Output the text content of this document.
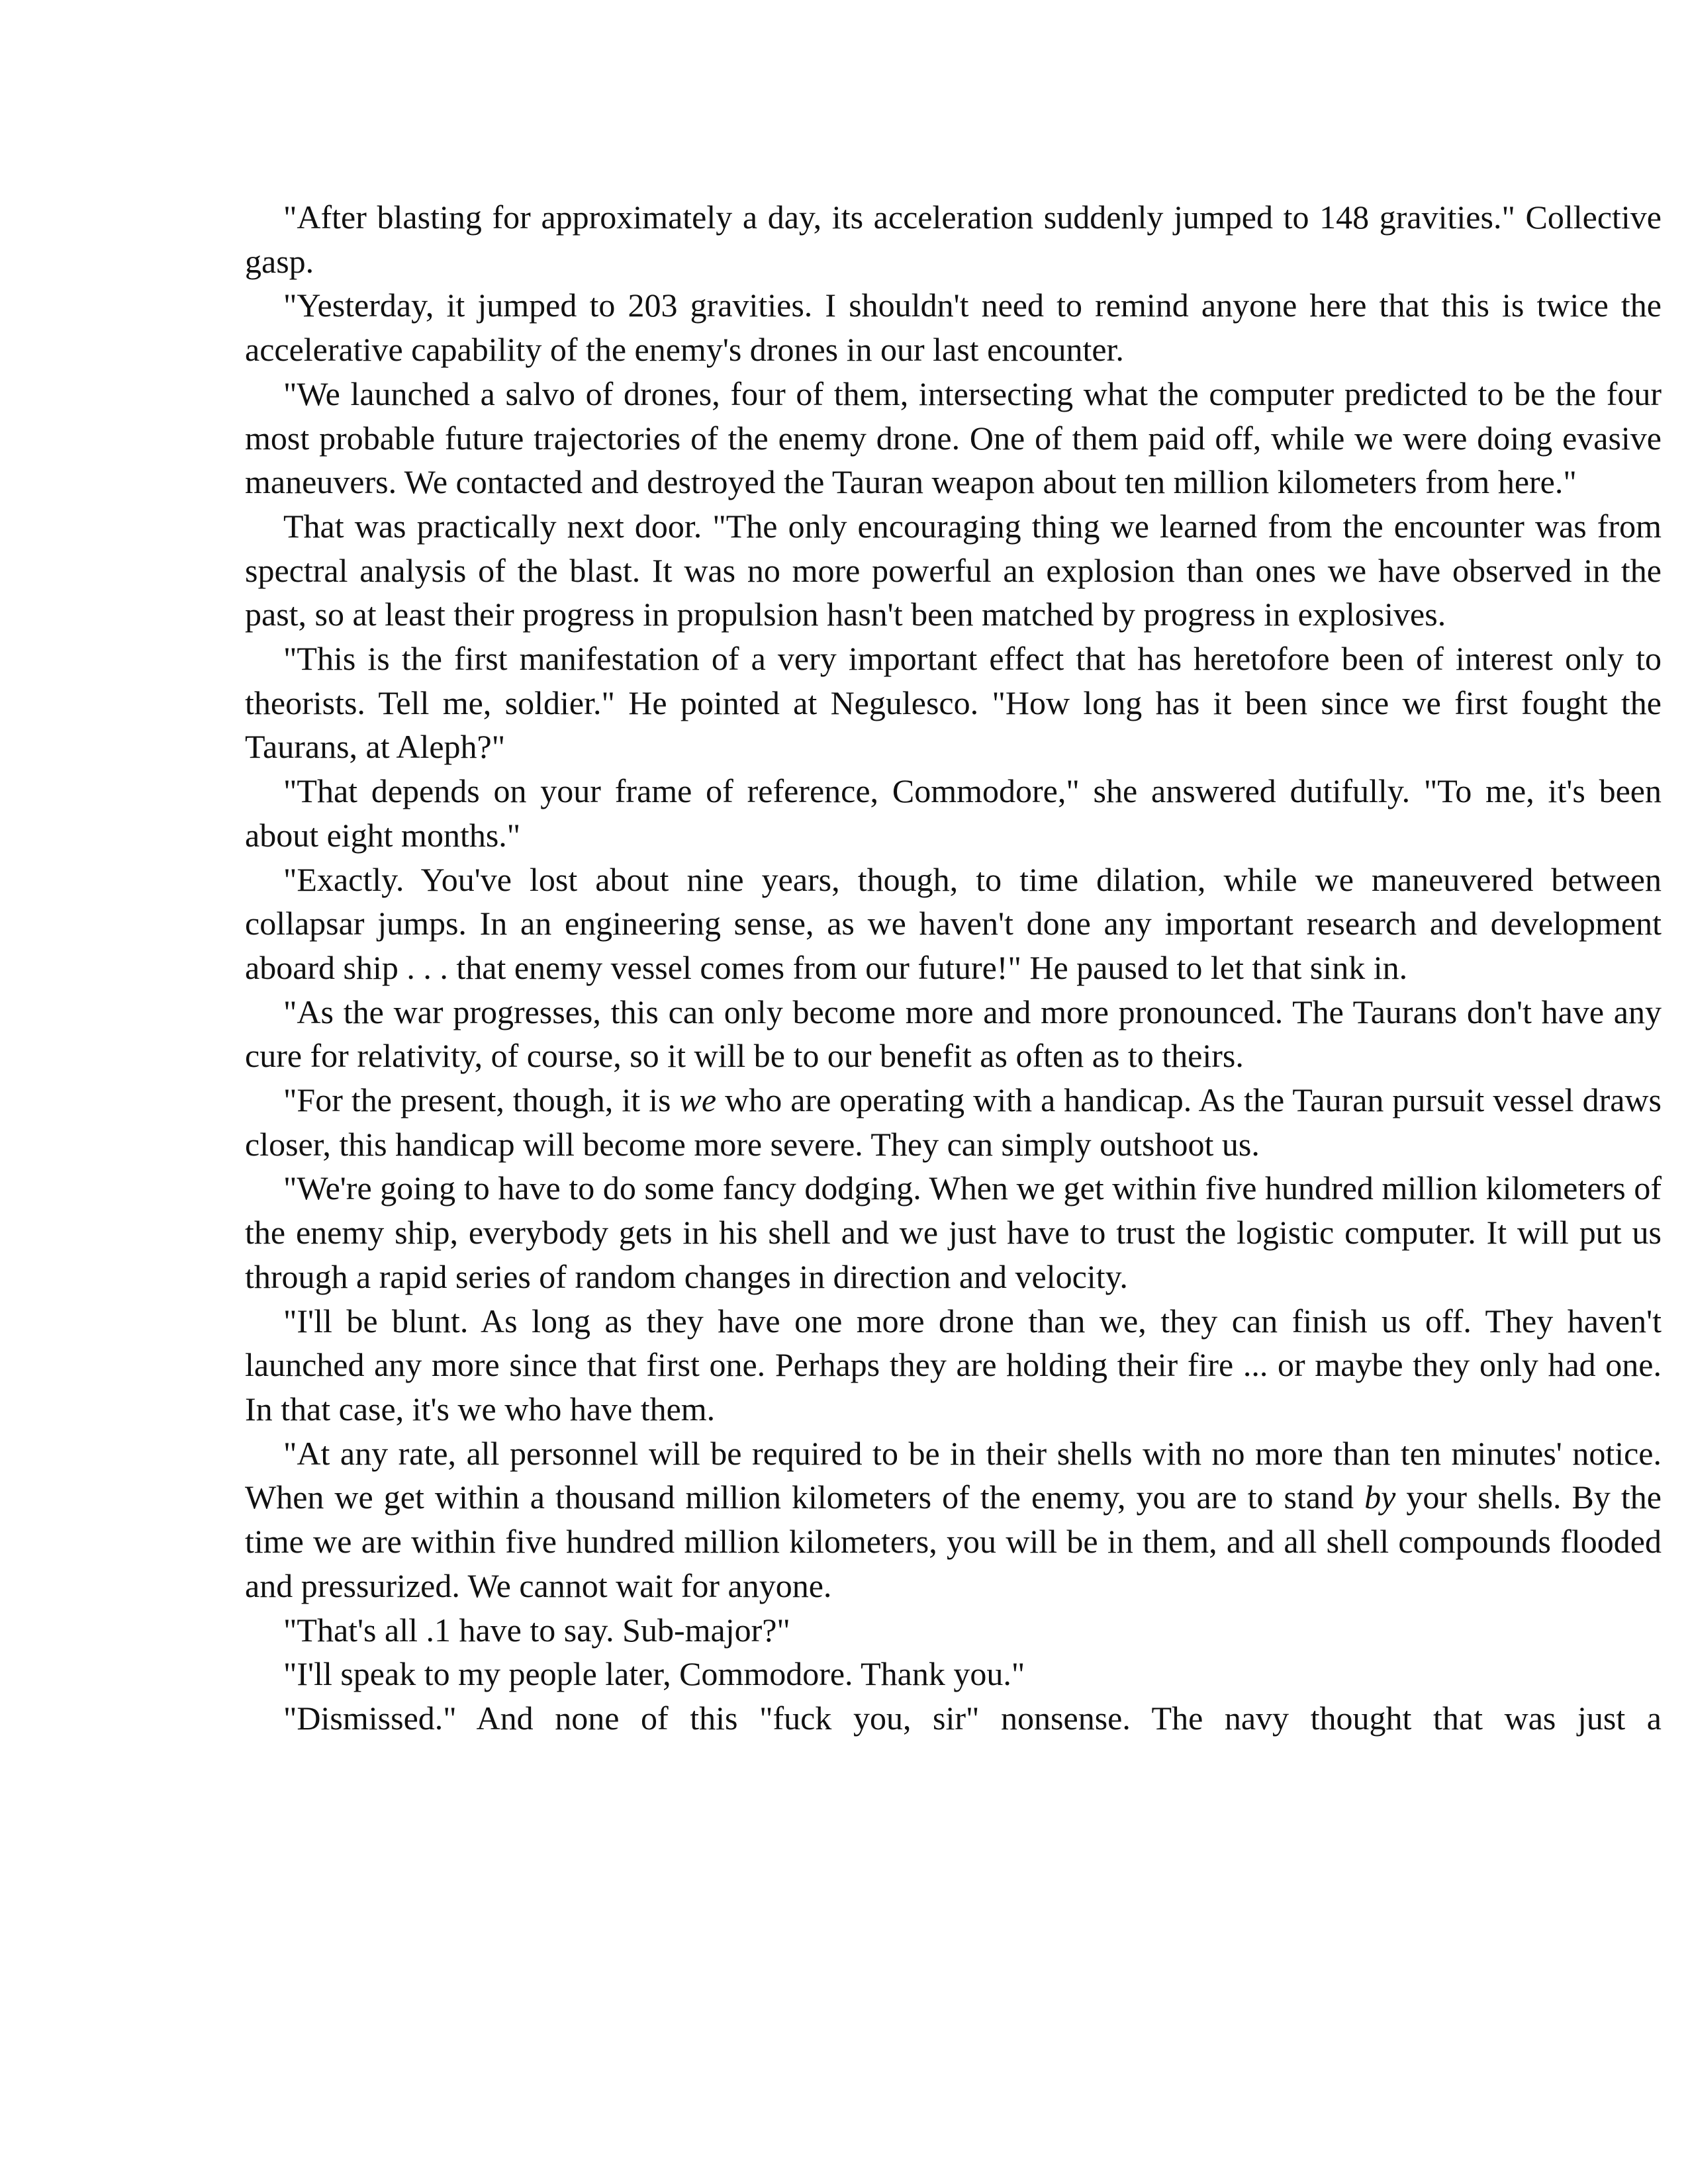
"After blasting for approximately a day, its acceleration suddenly jumped to 148 gravities." Collective gasp.

"Yesterday, it jumped to 203 gravities. I shouldn't need to remind anyone here that this is twice the accelerative capability of the enemy's drones in our last encounter.

"We launched a salvo of drones, four of them, intersecting what the computer predicted to be the four most probable future trajectories of the enemy drone. One of them paid off, while we were doing evasive maneuvers. We contacted and destroyed the Tauran weapon about ten million kilometers from here."

That was practically next door. "The only encouraging thing we learned from the encounter was from spectral analysis of the blast. It was no more powerful an explosion than ones we have observed in the past, so at least their progress in propulsion hasn't been matched by progress in explosives.

"This is the first manifestation of a very important effect that has heretofore been of interest only to theorists. Tell me, soldier." He pointed at Negulesco. "How long has it been since we first fought the Taurans, at Aleph?"

"That depends on your frame of reference, Commodore," she answered dutifully. "To me, it's been about eight months."

"Exactly. You've lost about nine years, though, to time dilation, while we maneuvered between collapsar jumps. In an engineering sense, as we haven't done any important research and development aboard ship . . . that enemy vessel comes from our future!" He paused to let that sink in.

"As the war progresses, this can only become more and more pronounced. The Taurans don't have any cure for relativity, of course, so it will be to our benefit as often as to theirs.

"For the present, though, it is we who are operating with a handicap. As the Tauran pursuit vessel draws closer, this handicap will become more severe. They can simply outshoot us.

"We're going to have to do some fancy dodging. When we get within five hundred million kilometers of the enemy ship, everybody gets in his shell and we just have to trust the logistic computer. It will put us through a rapid series of random changes in direction and velocity.

"I'll be blunt. As long as they have one more drone than we, they can finish us off. They haven't launched any more since that first one. Perhaps they are holding their fire ... or maybe they only had one. In that case, it's we who have them.

"At any rate, all personnel will be required to be in their shells with no more than ten minutes' notice. When we get within a thousand million kilometers of the enemy, you are to stand by your shells. By the time we are within five hundred million kilometers, you will be in them, and all shell compounds flooded and pressurized. We cannot wait for anyone.

"That's all .1 have to say. Sub-major?"

"I'll speak to my people later, Commodore. Thank you."

"Dismissed." And none of this "fuck you, sir" nonsense. The navy thought that was just a
